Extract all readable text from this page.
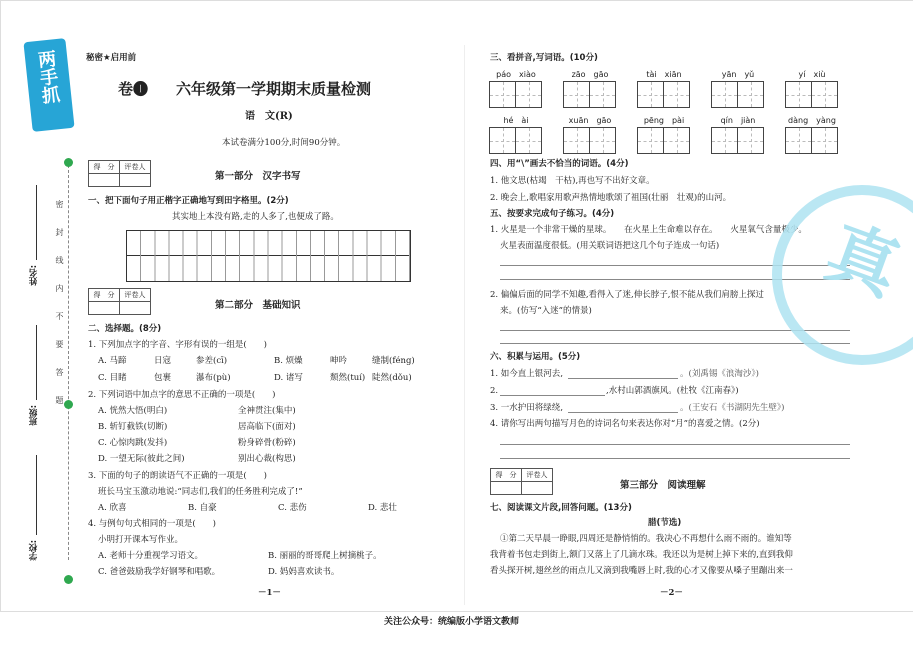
两手抓
密　封　线　内　不　要　答　题
姓名:
班级:
学校:
秘密★启用前
卷❶ 六年级第一学期期末质量检测
语　文(R)
本试卷满分100分,时间90分钟。
得　分	评卷人

第一部分　汉字书写
一、把下面句子用正楷字正确地写到田字格里。(2分)
其实地上本没有路,走的人多了,也便成了路。
得　分	评卷人

第二部分　基础知识
二、选择题。(8分)
1. 下列加点字的字音、字形有误的一组是(　　)
A. 马蹄	日寇	参差(cī)	B. 烦燥	呻吟	缝制(féng)
C. 目睹	包裹	瀑布(pù)	D. 诸写	颓然(tuí) 陡然(dǒu)
2. 下列词语中加点字的意思不正确的一项是(　　)
A. 恍然大悟(明白)	全神贯注(集中)
B. 斩钉截铁(切断)	居高临下(面对)
C. 心惊肉跳(发抖)	粉身碎骨(粉碎)
D. 一望无际(彼此之间)	别出心裁(构思)
3. 下面的句子的朗读语气不正确的一项是(　　)
班长马宝玉激动地说:“同志们,我们的任务胜利完成了!”
A. 欣喜	B. 自豪	C. 悲伤	D. 悲壮
4. 与例句句式相同的一项是(　　)
小明打开课本写作业。
A. 老师十分重视学习语文。	B. 丽丽的哥哥爬上树摘桃子。
C. 爸爸鼓励我学好钢琴和唱歌。	D. 妈妈喜欢读书。
－1－
三、看拼音,写词语。(10分)
páo　xiào	zāo　gāo	tài　xiān	yān　yǔ	yí　xiù
hé　ài	xuān　gāo	pēng　pài	qín　jiàn	dàng　yàng
四、用“\”画去不恰当的词语。(4分)
1. 他文思(枯竭　干枯),再也写不出好文章。
2. 晚会上,歌唱家用歌声热情地歌颂了祖国(壮丽　壮观)的山河。
五、按要求完成句子练习。(4分)
1. 火星是一个非常干燥的星球。　　在火星上生命难以存在。　　火星氧气含量极少。
火星表面温度很低。(用关联词语把这几个句子连成一句话)
2. 偏偏后面的同学不知趣,看得入了迷,伸长脖子,恨不能从我们肩膀上探过
来。(仿写“入迷”的情景)
六、积累与运用。(5分)
1. 如今直上银河去,	。(刘禹锡《浪淘沙》)
2.	,水村山郭酒旗风。(杜牧《江南春》)
3. 一水护田将绿绕,	。(王安石《书湖阴先生壁》)
4. 请你写出两句描写月色的诗词名句来表达你对“月”的喜爱之情。(2分)
得　分	评卷人

第三部分　阅读理解
七、阅读课文片段,回答问题。(13分)
腊(节选)
①第二天早晨一睁眼,四周还是静悄悄的。我决心不再想什么雨不雨的。谁知等
我背着书包走到街上,额门又落上了几滴水珠。我还以为是树上掉下来的,直到我仰
看头探开树,翅丝丝的雨点儿又滴到我嘴唇上时,我的心才又像要从嗓子里蹦出来一
－2－
真
关注公众号：统编版小学语文教师
